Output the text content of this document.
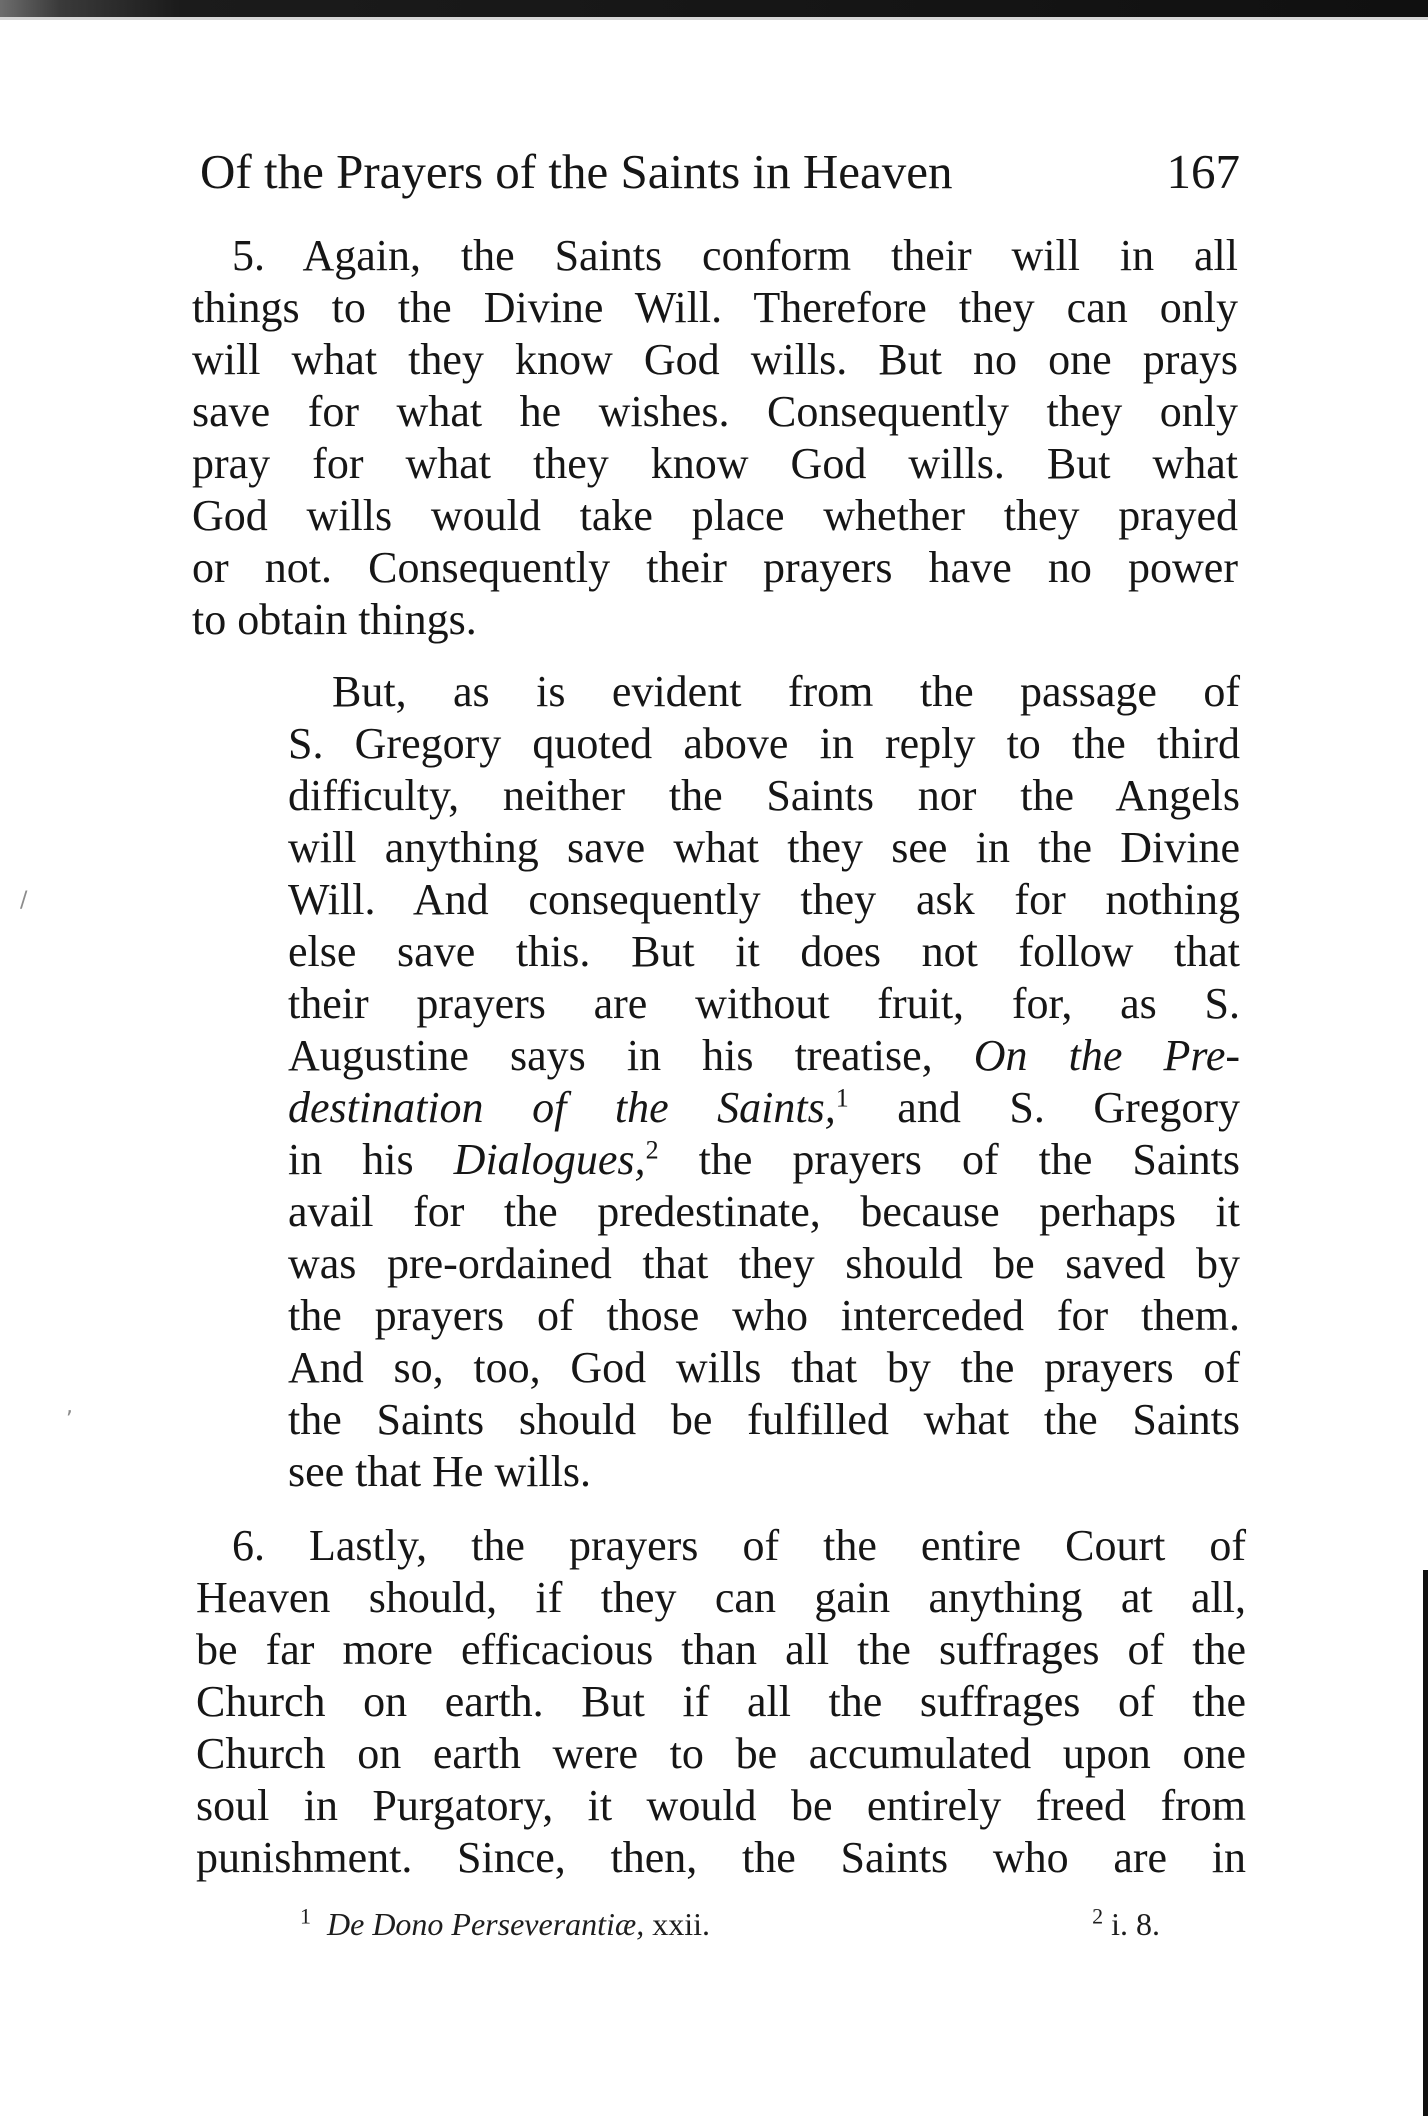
/
,
Of the Prayers of the Saints in Heaven	167
5. Again, the Saints conform their will in all
things to the Divine Will. Therefore they can only
will what they know God wills. But no one prays
save for what he wishes. Consequently they only
pray for what they know God wills. But what
God wills would take place whether they prayed
or not. Consequently their prayers have no power
to obtain things.
But, as is evident from the passage of
S. Gregory quoted above in reply to the third
difficulty, neither the Saints nor the Angels
will anything save what they see in the Divine
Will. And consequently they ask for nothing
else save this. But it does not follow that
their prayers are without fruit, for, as S.
Augustine says in his treatise, On the Pre-
destination of the Saints,$^1$ and S. Gregory
in his Dialogues,$^2$ the prayers of the Saints
avail for the predestinate, because perhaps it
was pre-ordained that they should be saved by
the prayers of those who interceded for them.
And so, too, God wills that by the prayers of
the Saints should be fulfilled what the Saints
see that He wills.
6. Lastly, the prayers of the entire Court of
Heaven should, if they can gain anything at all,
be far more efficacious than all the suffrages of the
Church on earth. But if all the suffrages of the
Church on earth were to be accumulated upon one
soul in Purgatory, it would be entirely freed from
punishment. Since, then, the Saints who are in
$^1$ De Dono Perseverantiæ, xxii.	$^2$ i. 8.
